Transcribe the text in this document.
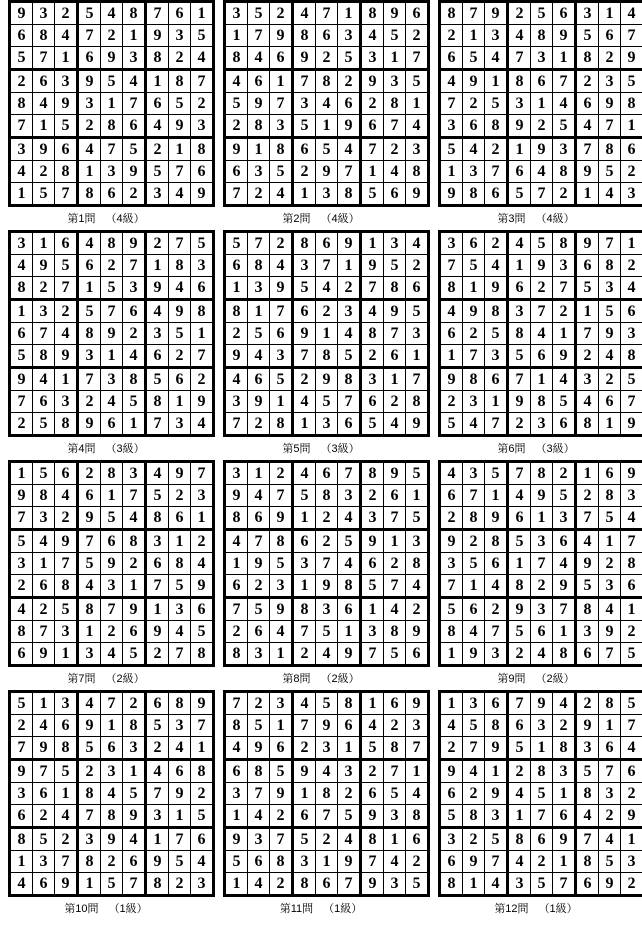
9	3	2	5	4	8	7	6	1
6	8	4	7	2	1	9	3	5
5	7	1	6	9	3	8	2	4
2	6	3	9	5	4	1	8	7
8	4	9	3	1	7	6	5	2
7	1	5	2	8	6	4	9	3
3	9	6	4	7	5	2	1	8
4	2	8	1	3	9	5	7	6
1	5	7	8	6	2	3	4	9
第1問 （4級）
3	5	2	4	7	1	8	9	6
1	7	9	8	6	3	4	5	2
8	4	6	9	2	5	3	1	7
4	6	1	7	8	2	9	3	5
5	9	7	3	4	6	2	8	1
2	8	3	5	1	9	6	7	4
9	1	8	6	5	4	7	2	3
6	3	5	2	9	7	1	4	8
7	2	4	1	3	8	5	6	9
第2問 （4級）
8	7	9	2	5	6	3	1	4
2	1	3	4	8	9	5	6	7
6	5	4	7	3	1	8	2	9
4	9	1	8	6	7	2	3	5
7	2	5	3	1	4	6	9	8
3	6	8	9	2	5	4	7	1
5	4	2	1	9	3	7	8	6
1	3	7	6	4	8	9	5	2
9	8	6	5	7	2	1	4	3
第3問 （4級）
3	1	6	4	8	9	2	7	5
4	9	5	6	2	7	1	8	3
8	2	7	1	5	3	9	4	6
1	3	2	5	7	6	4	9	8
6	7	4	8	9	2	3	5	1
5	8	9	3	1	4	6	2	7
9	4	1	7	3	8	5	6	2
7	6	3	2	4	5	8	1	9
2	5	8	9	6	1	7	3	4
第4問 （3級）
5	7	2	8	6	9	1	3	4
6	8	4	3	7	1	9	5	2
1	3	9	5	4	2	7	8	6
8	1	7	6	2	3	4	9	5
2	5	6	9	1	4	8	7	3
9	4	3	7	8	5	2	6	1
4	6	5	2	9	8	3	1	7
3	9	1	4	5	7	6	2	8
7	2	8	1	3	6	5	4	9
第5問 （3級）
3	6	2	4	5	8	9	7	1
7	5	4	1	9	3	6	8	2
8	1	9	6	2	7	5	3	4
4	9	8	3	7	2	1	5	6
6	2	5	8	4	1	7	9	3
1	7	3	5	6	9	2	4	8
9	8	6	7	1	4	3	2	5
2	3	1	9	8	5	4	6	7
5	4	7	2	3	6	8	1	9
第6問 （3級）
1	5	6	2	8	3	4	9	7
9	8	4	6	1	7	5	2	3
7	3	2	9	5	4	8	6	1
5	4	9	7	6	8	3	1	2
3	1	7	5	9	2	6	8	4
2	6	8	4	3	1	7	5	9
4	2	5	8	7	9	1	3	6
8	7	3	1	2	6	9	4	5
6	9	1	3	4	5	2	7	8
第7問 （2級）
3	1	2	4	6	7	8	9	5
9	4	7	5	8	3	2	6	1
8	6	9	1	2	4	3	7	5
4	7	8	6	2	5	9	1	3
1	9	5	3	7	4	6	2	8
6	2	3	1	9	8	5	7	4
7	5	9	8	3	6	1	4	2
2	6	4	7	5	1	3	8	9
8	3	1	2	4	9	7	5	6
第8問 （2級）
4	3	5	7	8	2	1	6	9
6	7	1	4	9	5	2	8	3
2	8	9	6	1	3	7	5	4
9	2	8	5	3	6	4	1	7
3	5	6	1	7	4	9	2	8
7	1	4	8	2	9	5	3	6
5	6	2	9	3	7	8	4	1
8	4	7	5	6	1	3	9	2
1	9	3	2	4	8	6	7	5
第9問 （2級）
5	1	3	4	7	2	6	8	9
2	4	6	9	1	8	5	3	7
7	9	8	5	6	3	2	4	1
9	7	5	2	3	1	4	6	8
3	6	1	8	4	5	7	9	2
6	2	4	7	8	9	3	1	5
8	5	2	3	9	4	1	7	6
1	3	7	8	2	6	9	5	4
4	6	9	1	5	7	8	2	3
第10問 （1級）
7	2	3	4	5	8	1	6	9
8	5	1	7	9	6	4	2	3
4	9	6	2	3	1	5	8	7
6	8	5	9	4	3	2	7	1
3	7	9	1	8	2	6	5	4
1	4	2	6	7	5	9	3	8
9	3	7	5	2	4	8	1	6
5	6	8	3	1	9	7	4	2
1	4	2	8	6	7	9	3	5
第11問 （1級）
1	3	6	7	9	4	2	8	5
4	5	8	6	3	2	9	1	7
2	7	9	5	1	8	3	6	4
9	4	1	2	8	3	5	7	6
6	2	9	4	5	1	8	3	2
5	8	3	1	7	6	4	2	9
3	2	5	8	6	9	7	4	1
6	9	7	4	2	1	8	5	3
8	1	4	3	5	7	6	9	2
第12問 （1級）
